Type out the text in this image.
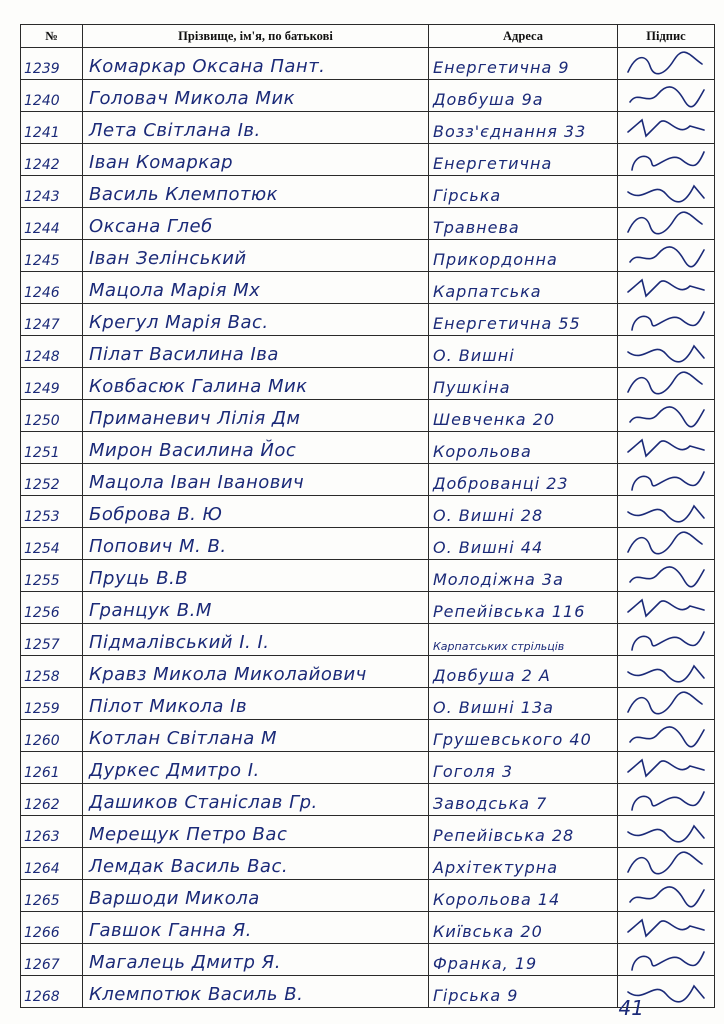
№	Прізвище, ім'я, по батькові	Адреса	Підпис

1239	Комаркар Оксана Пант.	Енергетична 9

1240	Головач Микола Мик	Довбуша 9а

1241	Лета Світлана Ів.	Возз'єднання 33

1242	Іван Комаркар	Енергетична

1243	Василь Клемпотюк	Гірська

1244	Оксана Глеб	Травнева

1245	Іван Зелінський	Прикордонна

1246	Мацола Марія Мх	Карпатська

1247	Крегул Марія Вас.	Енергетична 55

1248	Пілат Василина Іва	О. Вишні

1249	Ковбасюк Галина Мик	Пушкіна

1250	Приманевич Лілія Дм	Шевченка 20

1251	Мирон Василина Йос	Корольова

1252	Мацола Іван Іванович	Доброванці 23

1253	Боброва В. Ю	О. Вишні 28

1254	Попович М. В.	О. Вишні 44

1255	Пруць В.В	Молодіжна 3а

1256	Гранцук В.М	Репейівська 116

1257	Підмалівський І. І.	Карпатських стрільців

1258	Кравз Микола Миколайович	Довбуша 2 А

1259	Пілот Микола Ів	О. Вишні 13а

1260	Котлан Світлана М	Грушевського 40

1261	Дуркес Дмитро І.	Гоголя 3

1262	Дашиков Станіслав Гр.	Заводська 7

1263	Мерещук Петро Вас	Репейівська 28

1264	Лемдак Василь Вас.	Архітектурна

1265	Варшоди Микола	Корольова 14

1266	Гавшок Ганна Я.	Київська 20

1267	Магалець Дмитр Я.	Франка, 19

1268	Клемпотюк Василь В.	Гірська 9

41
